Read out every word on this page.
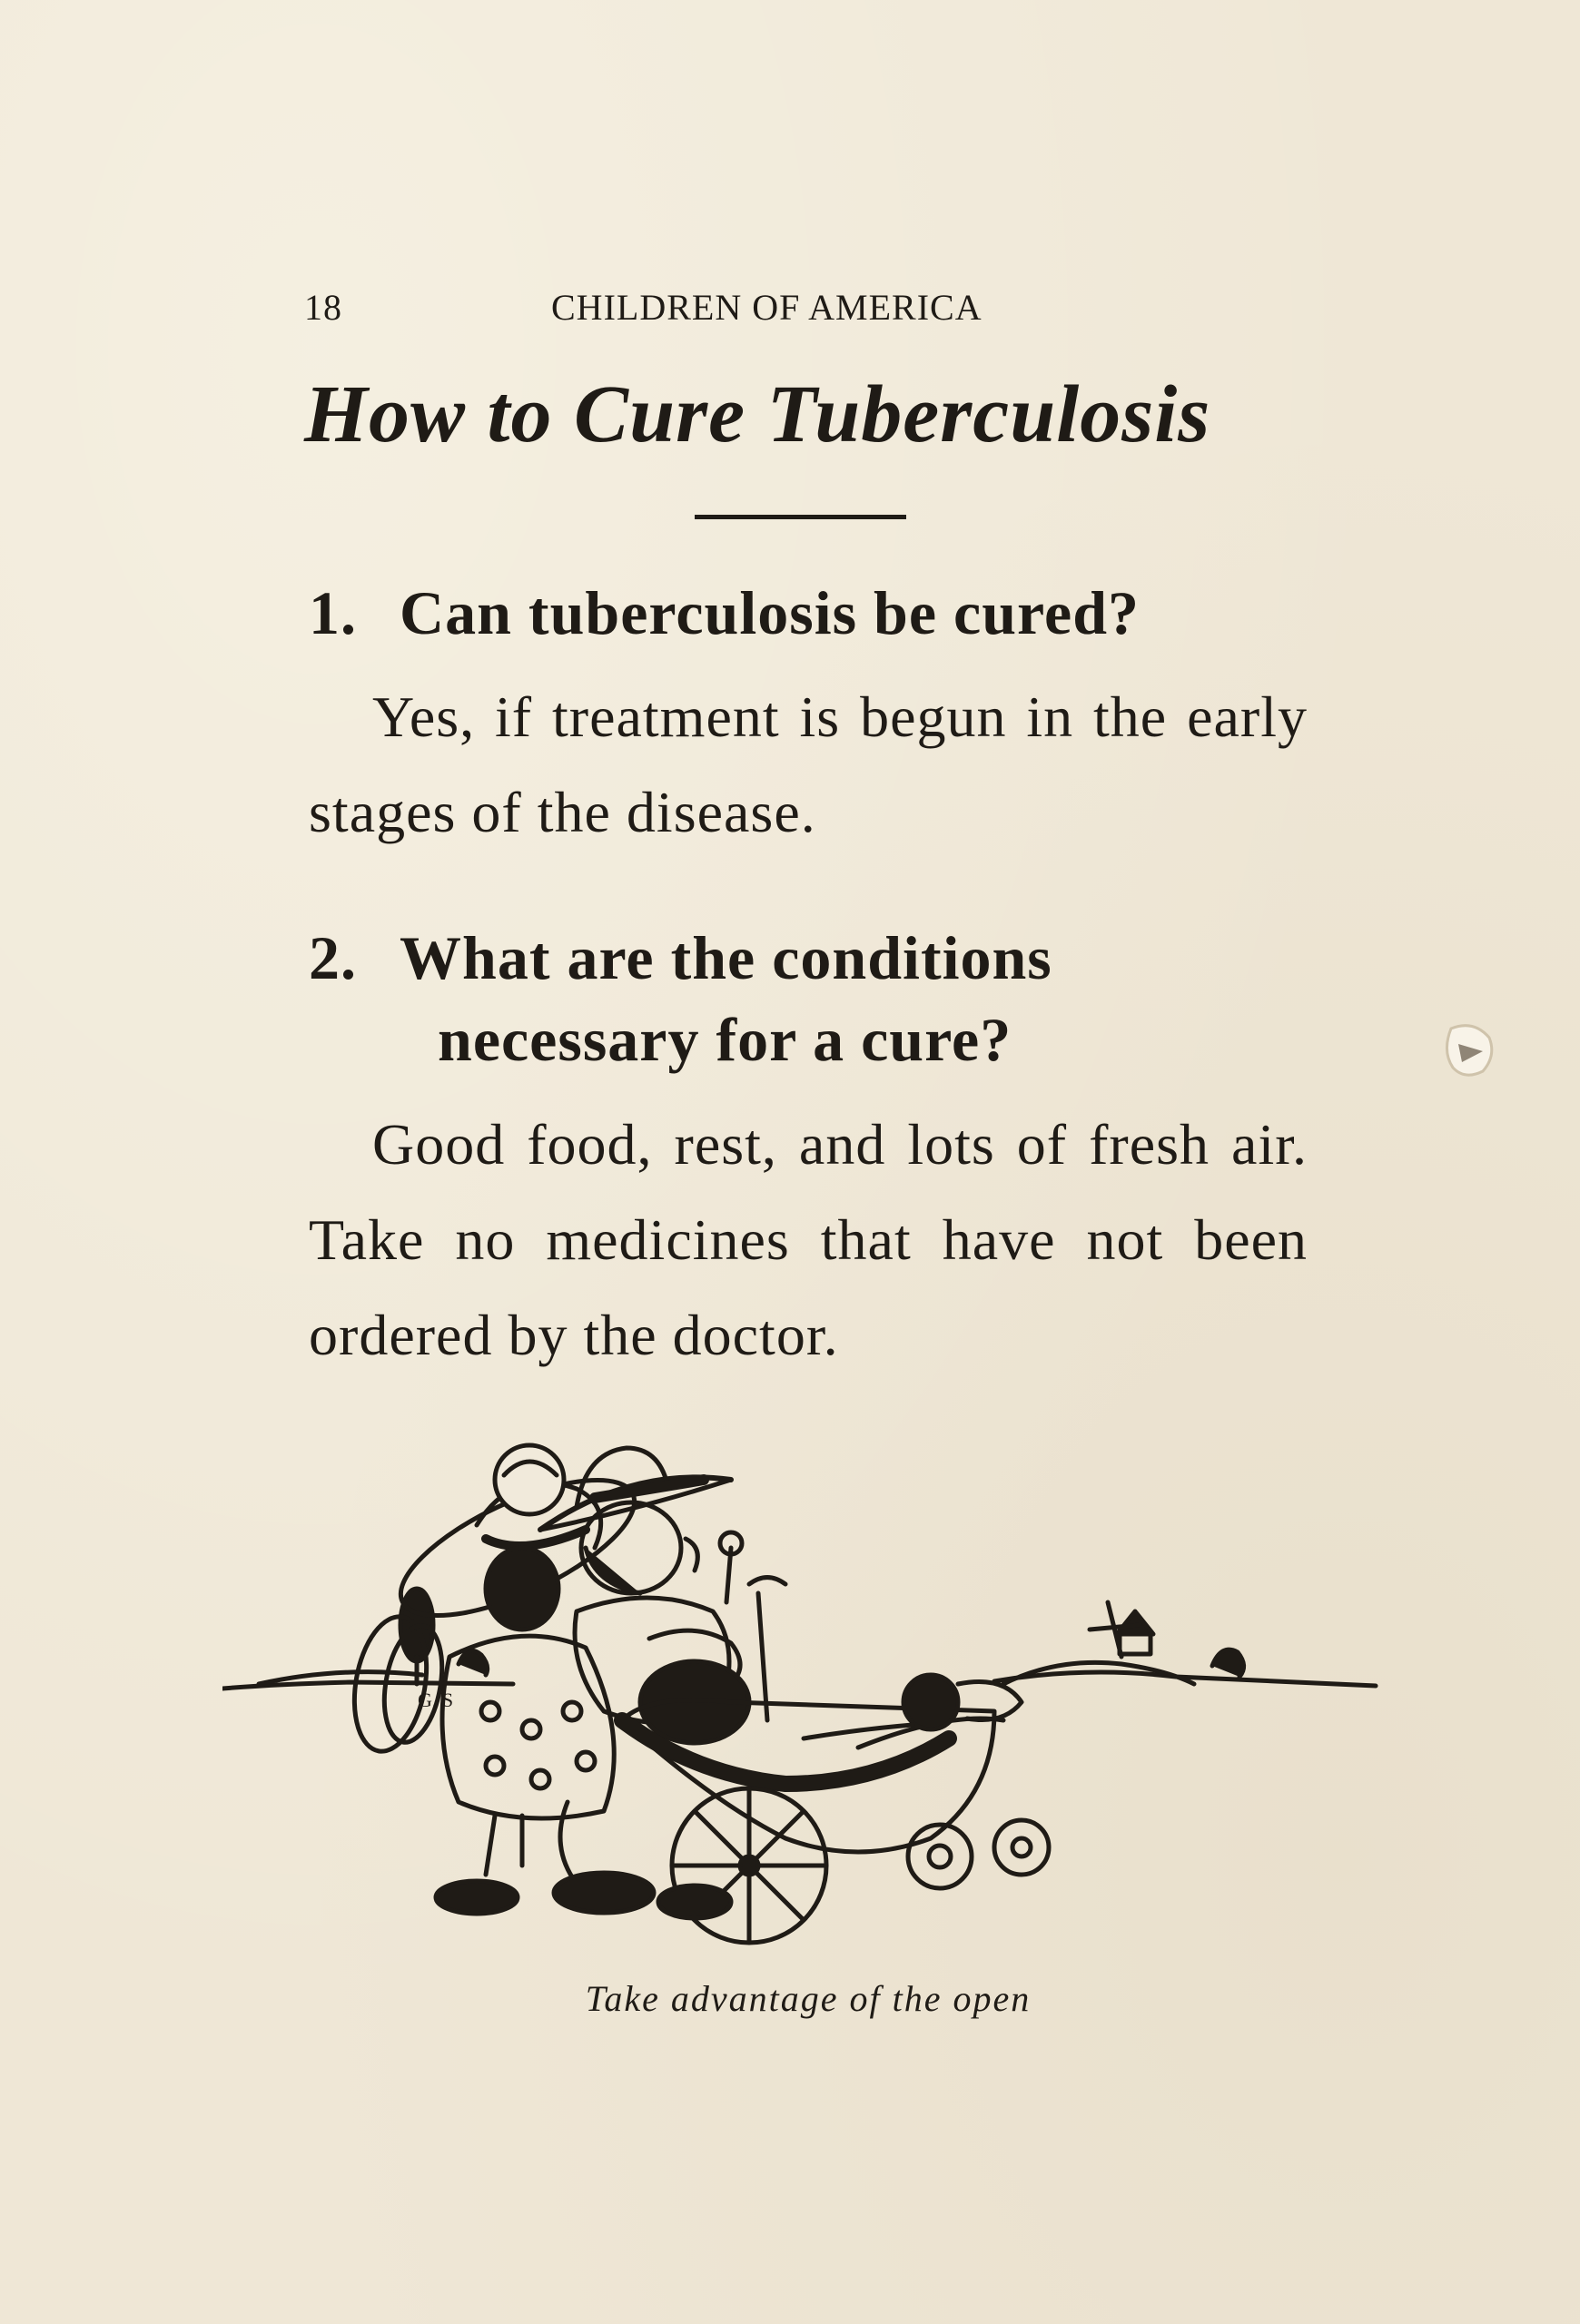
18	CHILDREN OF AMERICA
How to Cure Tuberculosis
1. Can tuberculosis be cured?
Yes, if treatment is begun in the early stages of the disease.
2. What are the conditions
necessary for a cure?
Good food, rest, and lots of fresh air. Take no medicines that have not been ordered by the doctor.
G. S
Take advantage of the open
